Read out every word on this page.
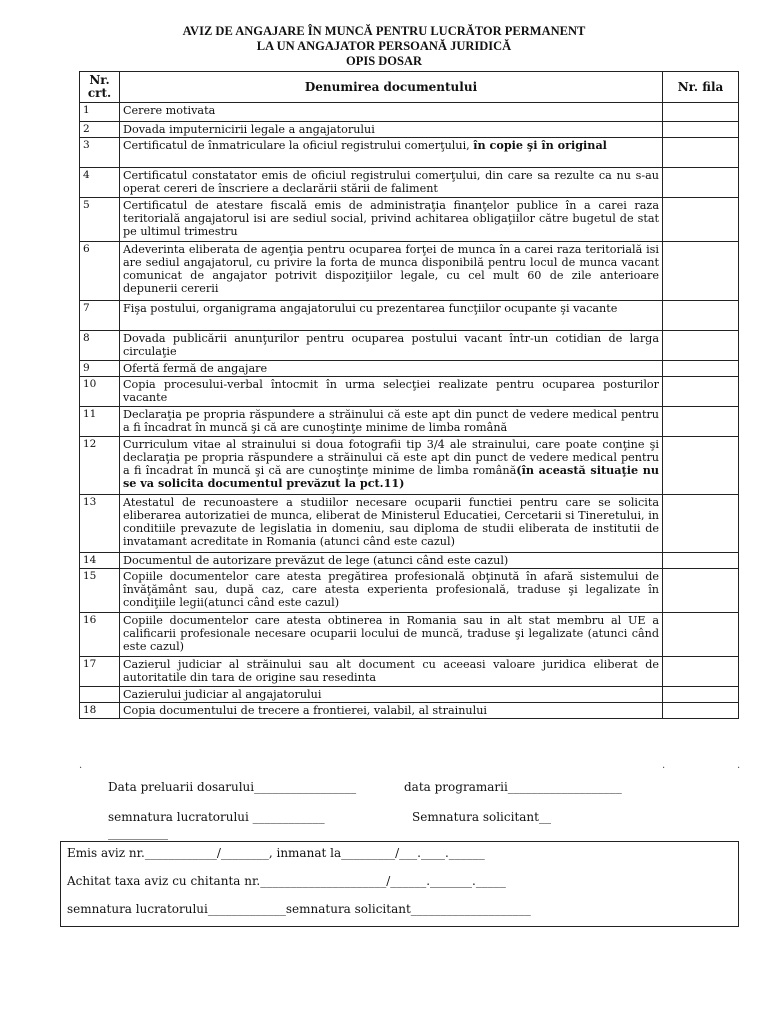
AVIZ DE ANGAJARE ÎN MUNCĂ PENTRU LUCRĂTOR PERMANENT
LA UN ANGAJATOR PERSOANĂ JURIDICĂ
OPIS DOSAR
Nr. crt.	Denumirea documentului	Nr. fila
1	Cerere motivata	
2	Dovada imputernicirii legale a angajatorului	
3	Certificatul de înmatriculare la oficiul registrului comerţului, în copie şi în original	
4	Certificatul constatator emis de oficiul registrului comerţului, din care sa rezulte ca nu s-au operat cereri de înscriere a declarării stării de faliment	
5	Certificatul de atestare fiscală emis de administraţia finanţelor publice în a carei raza teritorială angajatorul isi are sediul social, privind achitarea obligaţiilor către bugetul de stat pe ultimul trimestru	
6	Adeverinta eliberata de agenţia pentru ocuparea forţei de munca în a carei raza teritorială isi are sediul angajatorul, cu privire la forta de munca disponibilă pentru locul de munca vacant comunicat de angajator potrivit dispoziţiilor legale, cu cel mult 60 de zile anterioare depunerii cererii	
7	Fişa postului, organigrama angajatorului cu prezentarea funcţiilor ocupante şi vacante	
8	Dovada publicării anunţurilor pentru ocuparea postului vacant într-un cotidian de larga circulaţie	
9	Ofertă fermă de angajare	
10	Copia procesului-verbal întocmit în urma selecţiei realizate pentru ocuparea posturilor vacante	
11	Declaraţia pe propria răspundere a străinului că este apt din punct de vedere medical pentru a fi încadrat în muncă şi că are cunoştinţe minime de limba română	
12	Curriculum vitae al strainului si doua fotografii tip 3/4 ale strainului, care poate conţine şi declaraţia pe propria răspundere a străinului că este apt din punct de vedere medical pentru a fi încadrat în muncă şi că are cunoştinţe minime de limba română(în această situaţie nu se va solicita documentul prevăzut la pct.11)	
13	Atestatul de recunoastere a studiilor necesare ocuparii functiei pentru care se solicita eliberarea autorizatiei de munca, eliberat de Ministerul Educatiei, Cercetarii si Tineretului, in conditiile prevazute de legislatia in domeniu, sau diploma de studii eliberata de institutii de invatamant acreditate in Romania (atunci când este cazul)	
14	Documentul de autorizare prevăzut de lege (atunci când este cazul)	
15	Copiile documentelor care atesta pregătirea profesională obţinută în afară sistemului de învăţământ sau, după caz, care atesta experienta profesională, traduse şi legalizate în condiţiile legii(atunci când este cazul)	
16	Copiile documentelor care atesta obtinerea in Romania sau in alt stat membru al UE a calificarii profesionale necesare ocuparii locului de muncă, traduse şi legalizate (atunci când este cazul)	
17	Cazierul judiciar al străinului sau alt document cu aceeasi valoare juridica eliberat de autoritatile din tara de origine sau resedinta	
	Cazierului judiciar al angajatorului	
18	Copia documentului de trecere a frontierei, valabil, al strainului	
.	.	.
Data preluarii dosarului_________________	data programarii___________________
semnatura lucratorului ____________	Semnatura solicitant__
__________
Emis aviz nr.____________/________, inmanat la_________/___.____.______
Achitat taxa aviz cu chitanta nr._____________________/______._______._____
semnatura lucratorului_____________semnatura solicitant____________________
